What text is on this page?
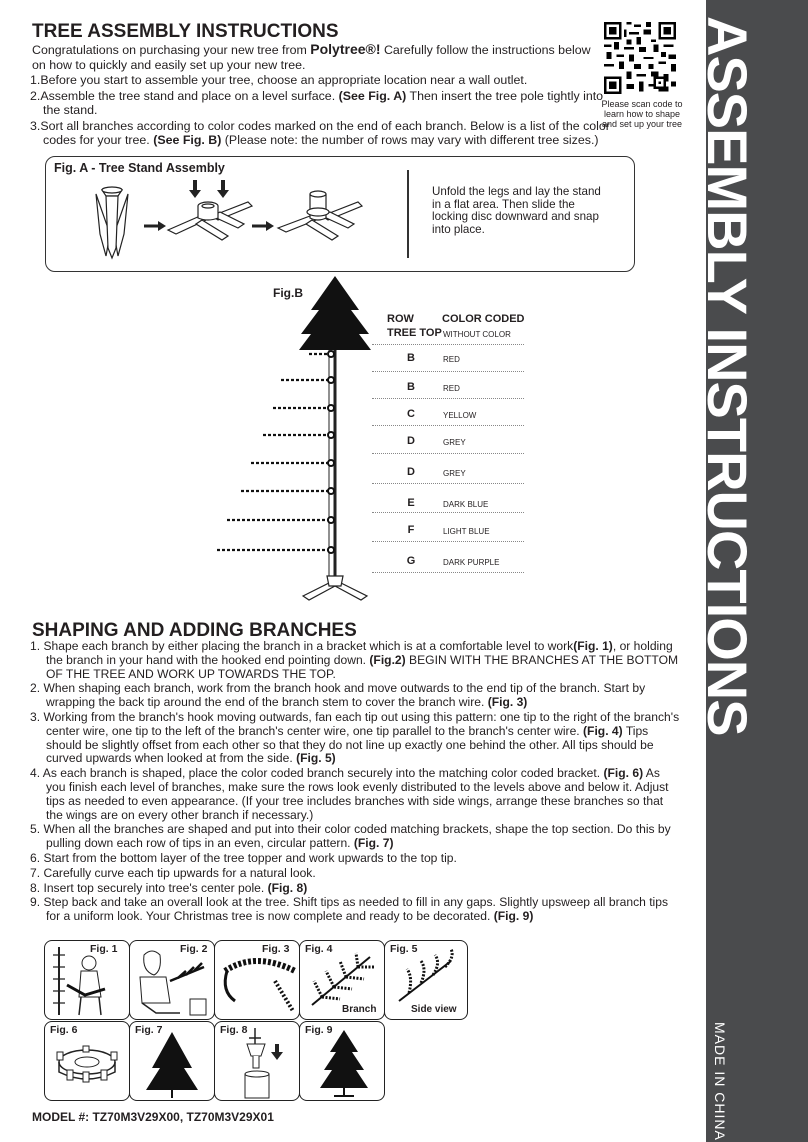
ASSEMBLY INSTRUCTIONS
MADE IN CHINA
TREE ASSEMBLY INSTRUCTIONS
Congratulations on purchasing your new tree from Polytree®! Carefully follow the instructions below on how to quickly and easily set up your new tree.
1.Before you start to assemble your tree, choose an appropriate location near a wall outlet.
2.Assemble the tree stand and place on a level surface. (See Fig. A) Then insert the tree pole tightly into the stand.
3.Sort all branches according to color codes marked on the end of each branch. Below is a list of the color codes for your tree. (See Fig. B) (Please note: the number of rows may vary with different tree sizes.)
Please scan code to learn how to shape and set up your tree
Fig. A - Tree Stand Assembly
Unfold the legs and lay the stand in a flat area. Then slide the locking disc downward and snap into place.
Fig.B
ROW	COLOR CODED
TREE TOP WITHOUT COLOR
B	RED
B	RED
C	YELLOW
D	GREY
D	GREY
E	DARK BLUE
F	LIGHT BLUE
G	DARK PURPLE
SHAPING AND ADDING BRANCHES
1. Shape each branch by either placing the branch in a bracket which is at a comfortable level to work(Fig. 1), or holding the branch in your hand with the hooked end pointing down. (Fig.2) BEGIN WITH THE BRANCHES AT THE BOTTOM OF THE TREE AND WORK UP TOWARDS THE TOP.
2. When shaping each branch, work from the branch hook and move outwards to the end tip of the branch. Start by wrapping the back tip around the end of the branch stem to cover the branch wire. (Fig. 3)
3. Working from the branch's hook moving outwards, fan each tip out using this pattern: one tip to the right of the branch's center wire, one tip to the left of the branch's center wire, one tip parallel to the branch's center wire. (Fig. 4) Tips should be slightly offset from each other so that they do not line up exactly one behind the other. All tips should be curved upwards when looked at from the side. (Fig. 5)
4. As each branch is shaped, place the color coded branch securely into the matching color coded bracket. (Fig. 6) As you finish each level of branches, make sure the rows look evenly distributed to the levels above and below it. Adjust tips as needed to even appearance. (If your tree includes branches with side wings, arrange these branches so that the wings are on every other branch if necessary.)
5. When all the branches are shaped and put into their color coded matching brackets, shape the top section. Do this by pulling down each row of tips in an even, circular pattern. (Fig. 7)
6. Start from the bottom layer of the tree topper and work upwards to the top tip.
7. Carefully curve each tip upwards for a natural look.
8. Insert top securely into tree's center pole. (Fig. 8)
9. Step back and take an overall look at the tree. Shift tips as needed to fill in any gaps. Slightly upsweep all branch tips for a uniform look. Your Christmas tree is now complete and ready to be decorated. (Fig. 9)
Fig. 1	Fig. 2	Fig. 3 Fig. 4
Branch
Fig. 5
Side view
Fig. 6	Fig. 7	Fig. 8	Fig. 9
MODEL #: TZ70M3V29X00, TZ70M3V29X01
